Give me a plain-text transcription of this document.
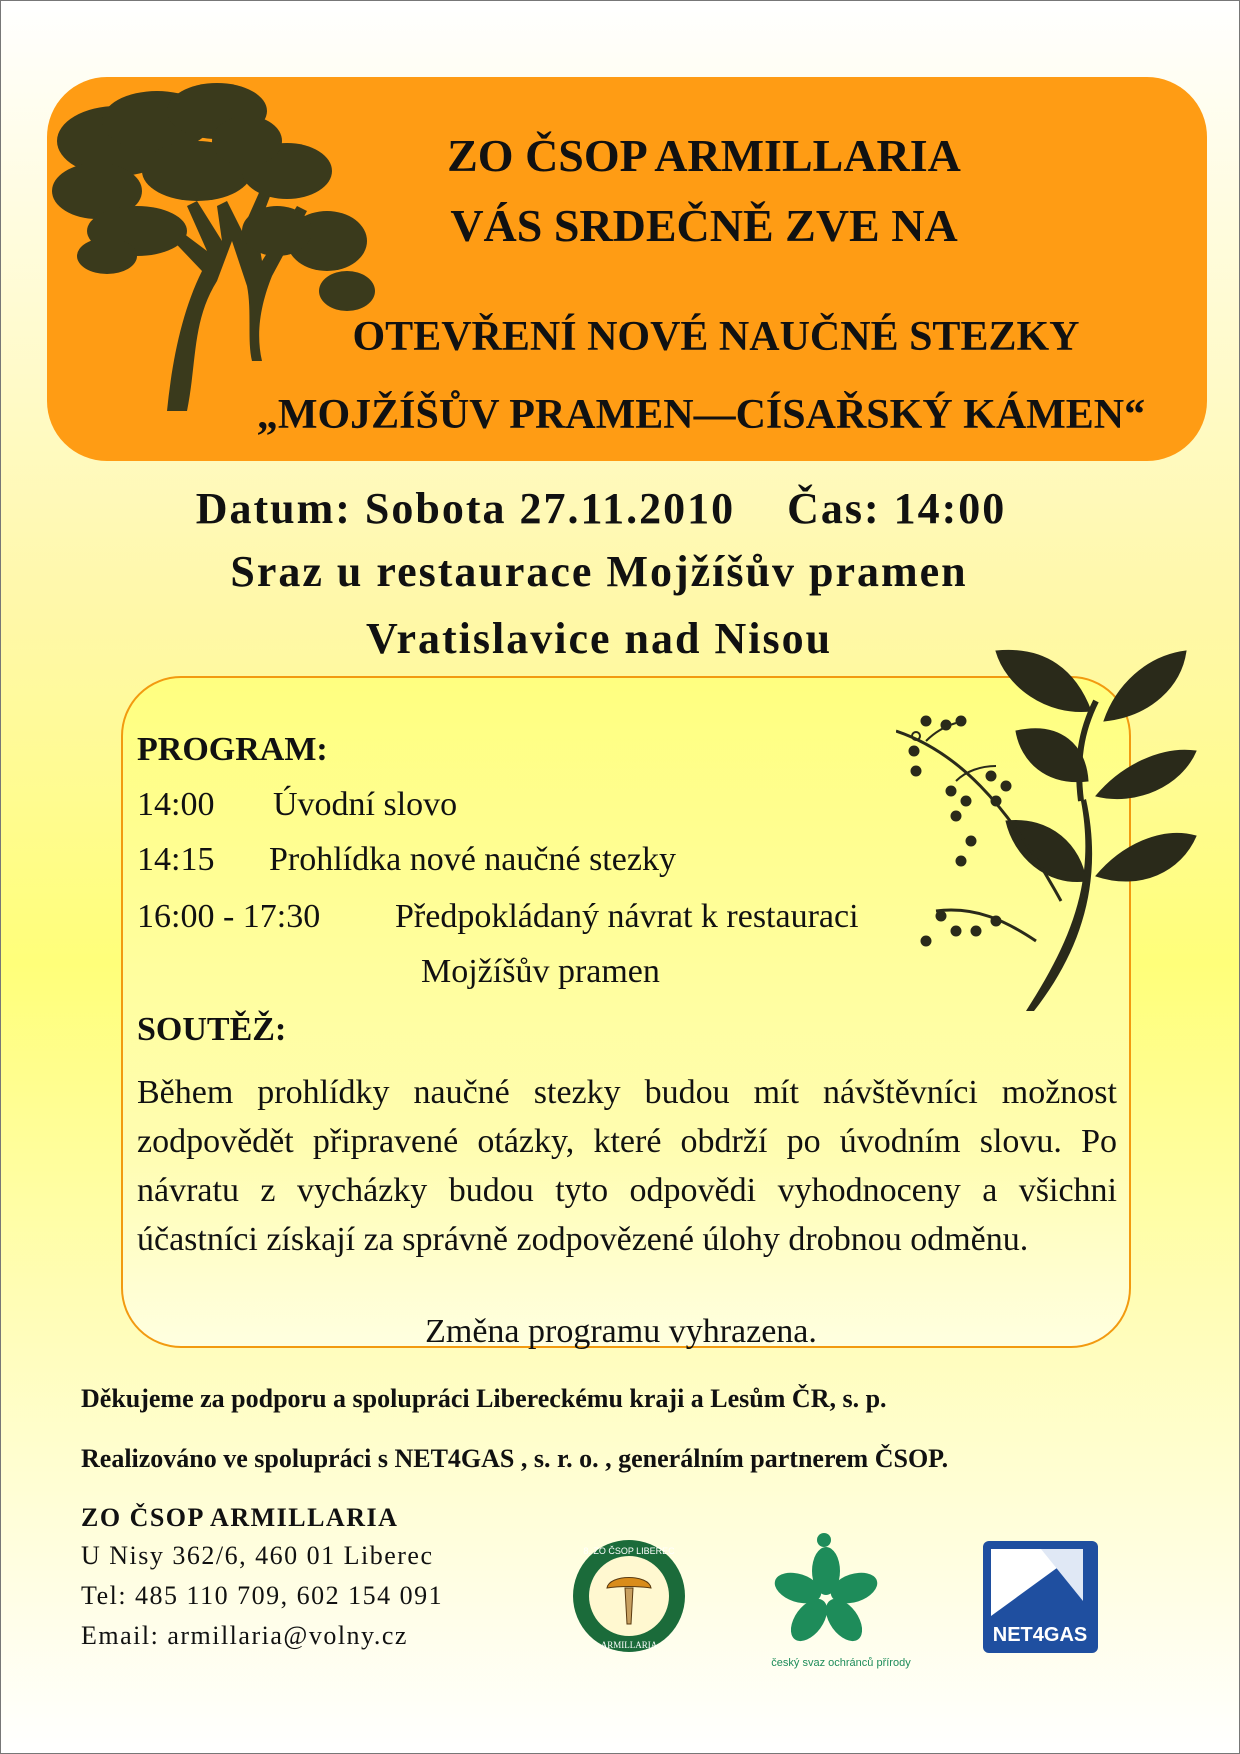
ZO ČSOP ARMILLARIA
VÁS SRDEČNĚ ZVE NA
OTEVŘENÍ NOVÉ NAUČNÉ STEZKY
„MOJŽÍŠŮV PRAMEN—CÍSAŘSKÝ KÁMEN“
Datum: Sobota 27.11.2010    Čas: 14:00
Sraz u restaurace Mojžíšův pramen
Vratislavice nad Nisou
PROGRAM:
14:00 Úvodní slovo
14:15 Prohlídka nové naučné stezky
16:00 - 17:30 Předpokládaný návrat k restauraci
Mojžíšův pramen
SOUTĚŽ:
Během prohlídky naučné stezky budou mít návštěvníci možnost zodpovědět připravené otázky, které obdrží po úvodním slovu. Po návratu z vycházky budou tyto odpovědi vyhodnoceny a všichni účastníci získají za správně zodpovězené úlohy drobnou odměnu.
Změna programu vyhrazena.
Děkujeme za podporu a spolupráci Libereckému kraji a Lesům ČR, s. p.
Realizováno ve spolupráci s NET4GAS , s. r. o. , generálním partnerem ČSOP.
ZO ČSOP ARMILLARIA
U Nisy 362/6, 460 01 Liberec
Tel: 485 110 709, 602 154 091
Email: armillaria@volny.cz
8. ZO ČSOP LIBEREC
ARMILLARIA
český svaz ochránců přírody
NET4GAS
